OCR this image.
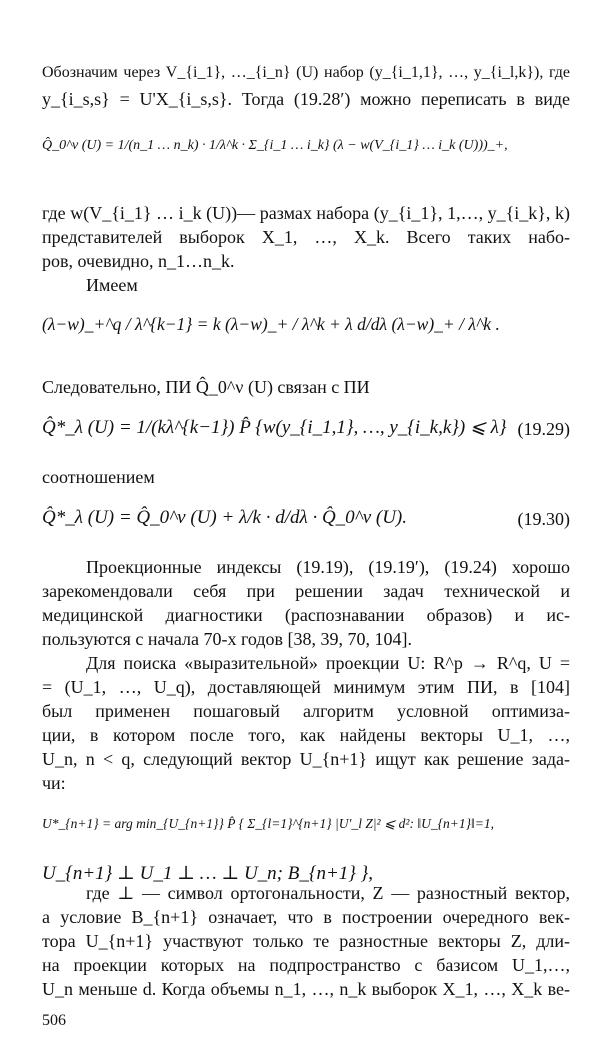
Обозначим через V_{i_1}, …_{i_n} (U) набор (y_{i_1,1}, …, y_{i_l,k}), где
y_{i_s,s} = U'X_{i_s,s}. Тогда (19.28′) можно переписать в виде
Q̂_0^ν (U) = 1/(n_1 … n_k) · 1/λ^k · Σ_{i_1 … i_k} (λ − w(V_{i_1} … i_k (U)))_+,
где w(V_{i_1} … i_k (U))— размах набора (y_{i_1}, 1,…, y_{i_k}, k)
представителей выборок X_1, …, X_k. Всего таких набо-
ров, очевидно, n_1…n_k.
Имеем
(λ−w)_+^q / λ^{k−1} = k (λ−w)_+ / λ^k + λ d/dλ (λ−w)_+ / λ^k .
Следовательно, ПИ Q̂_0^ν (U) связан с ПИ
Q̂*_λ (U) = 1/(kλ^{k−1}) P̂ {w(y_{i_1,1}, …, y_{i_k,k}) ⩽ λ} (19.29)
соотношением
Q̂*_λ (U) = Q̂_0^ν (U) + λ/k · d/dλ · Q̂_0^ν (U).	(19.30)
Проекционные индексы (19.19), (19.19′), (19.24) хорошо
зарекомендовали себя при решении задач технической и
медицинской диагностики (распознавании образов) и ис-
пользуются с начала 70-х годов [38, 39, 70, 104].
Для поиска «выразительной» проекции U: R^p → R^q, U =
= (U_1, …, U_q), доставляющей минимум этим ПИ, в [104]
был применен пошаговый алгоритм условной оптимиза-
ции, в котором после того, как найдены векторы U_1, …,
U_n, n < q, следующий вектор U_{n+1} ищут как решение зада-
чи:
U*_{n+1} = arg min_{U_{n+1}} P̂ { Σ_{l=1}^{n+1} |U′_l Z|² ⩽ d²: ‖U_{n+1}‖=1,
U_{n+1} ⊥ U_1 ⊥ … ⊥ U_n; B_{n+1} },
где ⊥ — символ ортогональности, Z — разностный вектор,
а условие B_{n+1} означает, что в построении очередного век-
тора U_{n+1} участвуют только те разностные векторы Z, дли-
на проекции которых на подпространство с базисом U_1,…,
U_n меньше d. Когда объемы n_1, …, n_k выборок X_1, …, X_k ве-
506
